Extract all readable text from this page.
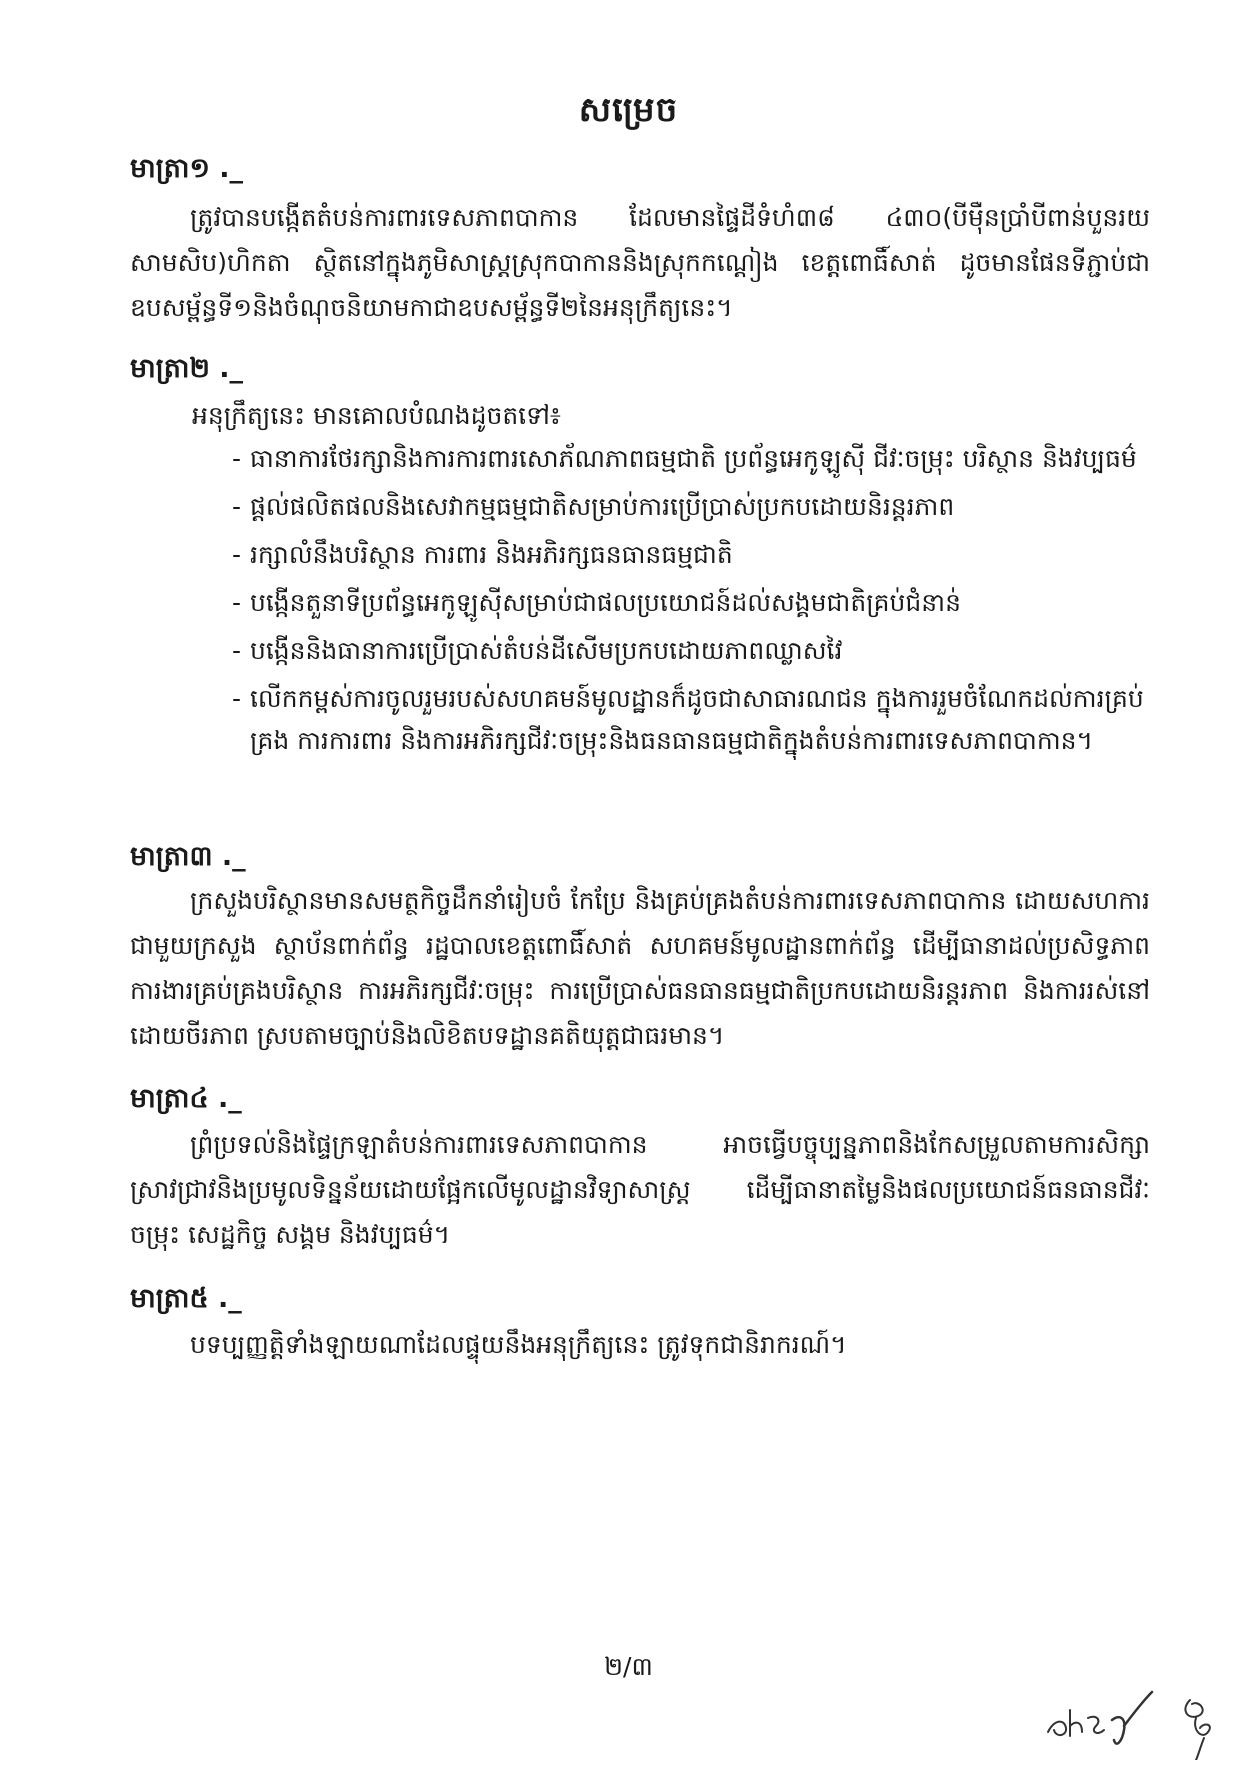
សម្រេច
មាត្រា១ ._
ត្រូវបានបង្កើតតំបន់ការពារទេសភាពបាកាន ដែលមានផ្ទៃដីទំហំ៣៨ ៤៣០(បីម៉ឺនប្រាំបីពាន់បួនរយសាមសិប)ហិកតា ស្ថិតនៅក្នុងភូមិសាស្ត្រស្រុកបាកាននិងស្រុកកណ្ដៀង ខេត្តពោធិ៍សាត់ ដូចមានផែនទីភ្ជាប់ជាឧបសម្ព័ន្ធទី១និងចំណុចនិយាមកាជាឧបសម្ព័ន្ធទី២នៃអនុក្រឹត្យនេះ។
មាត្រា២ ._
អនុក្រឹត្យនេះ មានគោលបំណងដូចតទៅ៖
- ធានាការថែរក្សានិងការការពារសោភ័ណភាពធម្មជាតិ ប្រព័ន្ធអេកូឡូស៊ី ជីវៈចម្រុះ បរិស្ថាន និងវប្បធម៌
- ផ្តល់ផលិតផលនិងសេវាកម្មធម្មជាតិសម្រាប់ការប្រើប្រាស់ប្រកបដោយនិរន្តរភាព
- រក្សាលំនឹងបរិស្ថាន ការពារ និងអភិរក្សធនធានធម្មជាតិ
- បង្កើនតួនាទីប្រព័ន្ធអេកូឡូស៊ីសម្រាប់ជាផលប្រយោជន៍ដល់សង្គមជាតិគ្រប់ជំនាន់
- បង្កើននិងធានាការប្រើប្រាស់តំបន់ដីសើមប្រកបដោយភាពឈ្លាសវៃ
- លើកកម្ពស់ការចូលរួមរបស់សហគមន៍មូលដ្ឋានក៏ដូចជាសាធារណជន ក្នុងការរួមចំណែកដល់ការគ្រប់គ្រង ការការពារ និងការអភិរក្សជីវៈចម្រុះនិងធនធានធម្មជាតិក្នុងតំបន់ការពារទេសភាពបាកាន។
មាត្រា៣ ._
ក្រសួងបរិស្ថានមានសមត្ថកិច្ចដឹកនាំរៀបចំ កែប្រែ និងគ្រប់គ្រងតំបន់ការពារទេសភាពបាកាន ដោយសហការជាមួយក្រសួង ស្ថាប័នពាក់ព័ន្ធ រដ្ឋបាលខេត្តពោធិ៍សាត់ សហគមន៍មូលដ្ឋានពាក់ព័ន្ធ ដើម្បីធានាដល់ប្រសិទ្ធភាពការងារគ្រប់គ្រងបរិស្ថាន ការអភិរក្សជីវៈចម្រុះ ការប្រើប្រាស់ធនធានធម្មជាតិប្រកបដោយនិរន្តរភាព និងការរស់នៅដោយចីរភាព ស្របតាមច្បាប់និងលិខិតបទដ្ឋានគតិយុត្តជាធរមាន។
មាត្រា៤ ._
ព្រំប្រទល់និងផ្ទៃក្រឡាតំបន់ការពារទេសភាពបាកាន អាចធ្វើបច្ចុប្បន្នភាពនិងកែសម្រួលតាមការសិក្សាស្រាវជ្រាវនិងប្រមូលទិន្នន័យដោយផ្អែកលើមូលដ្ឋានវិទ្យាសាស្ត្រ ដើម្បីធានាតម្លៃនិងផលប្រយោជន៍ធនធានជីវៈចម្រុះ សេដ្ឋកិច្ច សង្គម និងវប្បធម៌។
មាត្រា៥ ._
បទប្បញ្ញត្តិទាំងឡាយណាដែលផ្ទុយនឹងអនុក្រឹត្យនេះ ត្រូវទុកជានិរាករណ៍។
២/៣
